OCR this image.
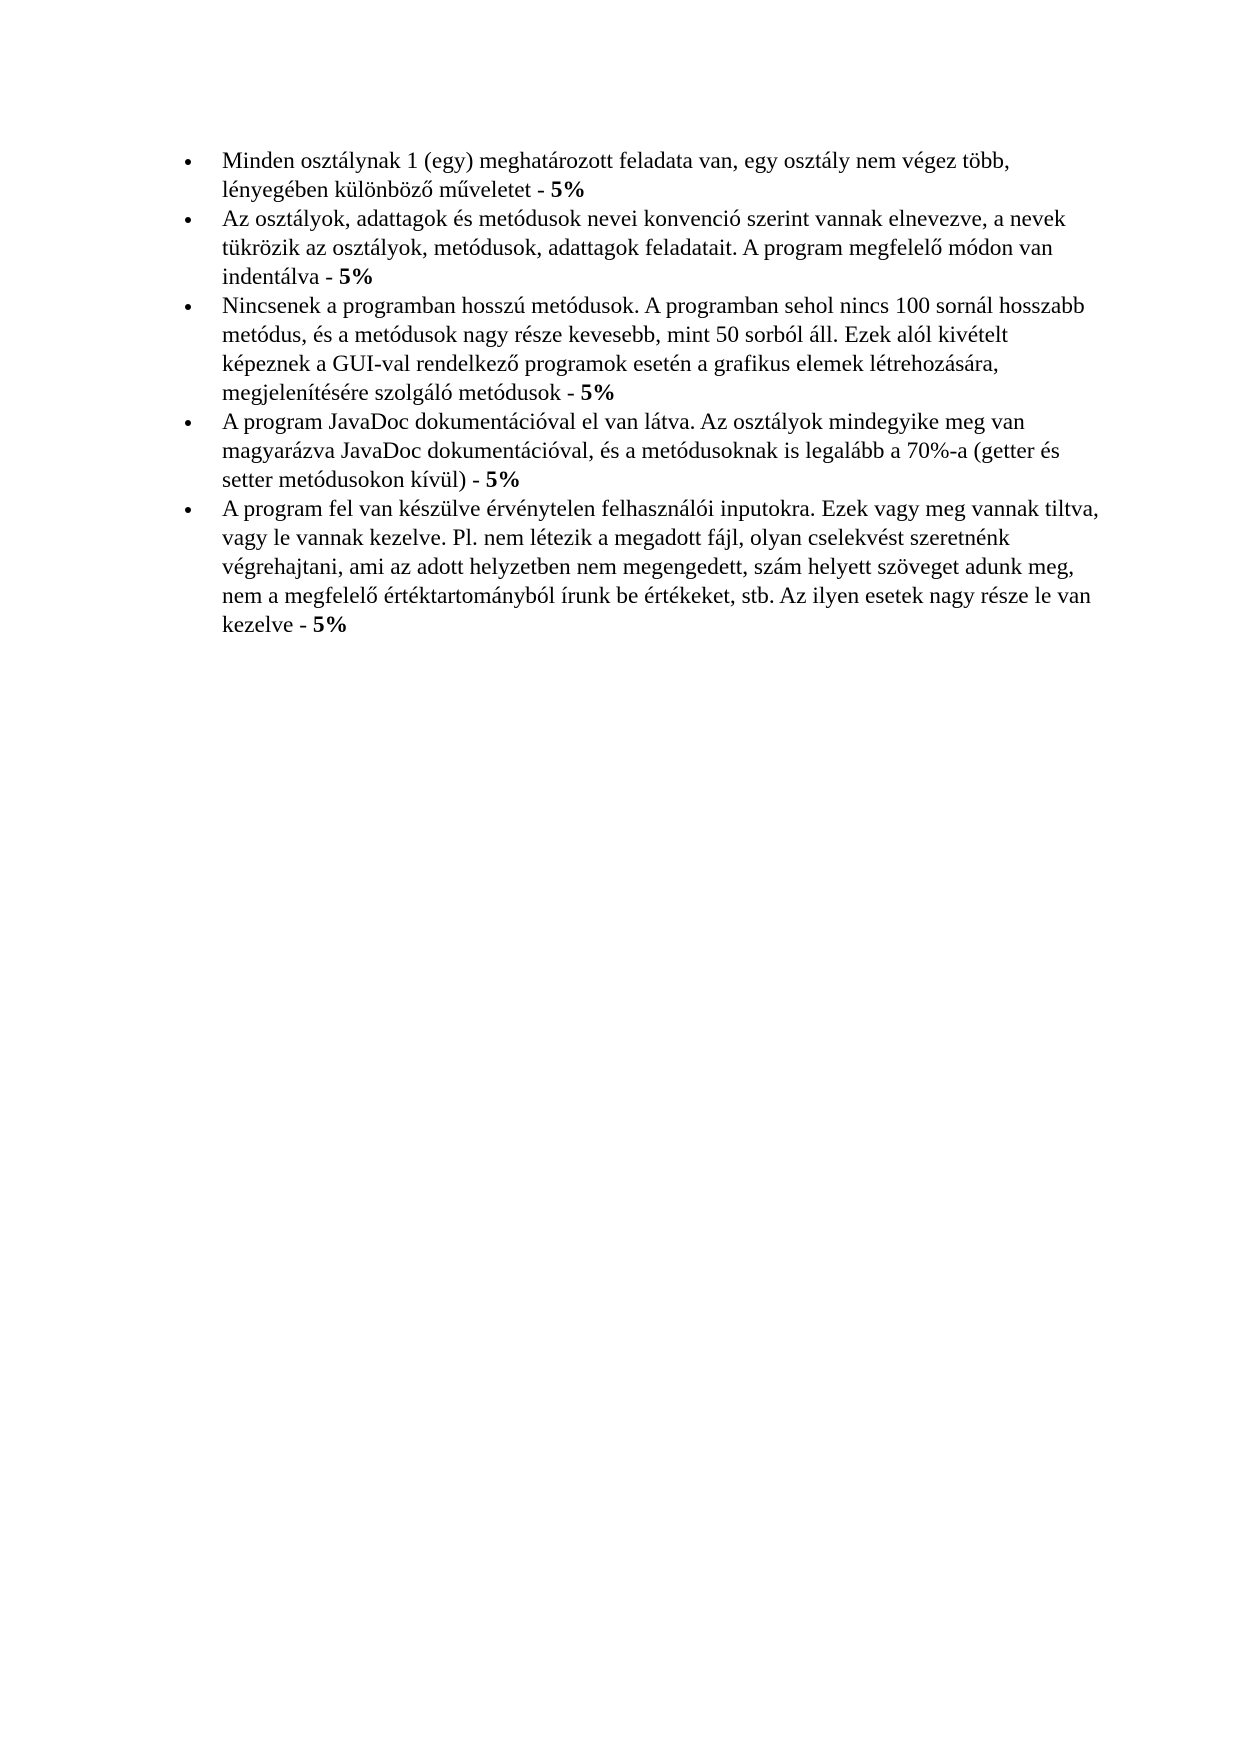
Minden osztálynak 1 (egy) meghatározott feladata van, egy osztály nem végez több, lényegében különböző műveletet - 5%
Az osztályok, adattagok és metódusok nevei konvenció szerint vannak elnevezve, a nevek tükrözik az osztályok, metódusok, adattagok feladatait. A program megfelelő módon van indentálva - 5%
Nincsenek a programban hosszú metódusok. A programban sehol nincs 100 sornál hosszabb metódus, és a metódusok nagy része kevesebb, mint 50 sorból áll. Ezek alól kivételt képeznek a GUI-val rendelkező programok esetén a grafikus elemek létrehozására, megjelenítésére szolgáló metódusok - 5%
A program JavaDoc dokumentációval el van látva. Az osztályok mindegyike meg van magyarázva JavaDoc dokumentációval, és a metódusoknak is legalább a 70%-a (getter és setter metódusokon kívül) - 5%
A program fel van készülve érvénytelen felhasználói inputokra. Ezek vagy meg vannak tiltva, vagy le vannak kezelve. Pl. nem létezik a megadott fájl, olyan cselekvést szeretnénk végrehajtani, ami az adott helyzetben nem megengedett, szám helyett szöveget adunk meg, nem a megfelelő értéktartományból írunk be értékeket, stb. Az ilyen esetek nagy része le van kezelve - 5%
